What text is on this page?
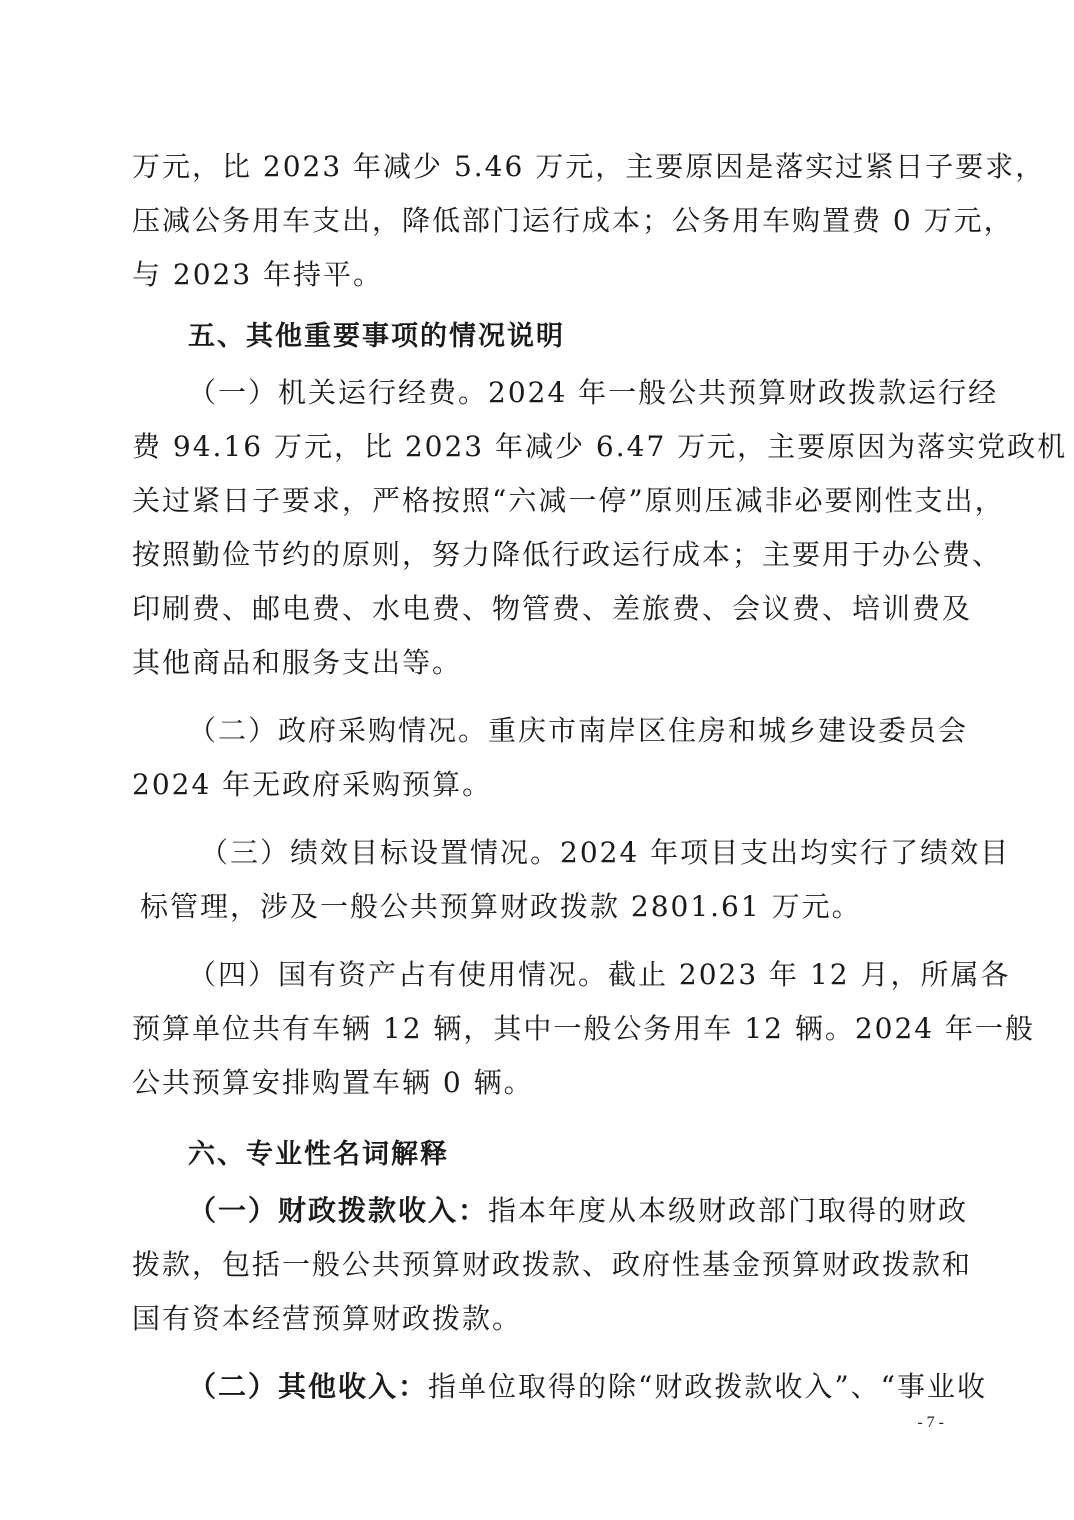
万元，比 2023 年减少 5.46 万元，主要原因是落实过紧日子要求，
压减公务用车支出，降低部门运行成本；公务用车购置费 0 万元，
与 2023 年持平。
五、其他重要事项的情况说明
（一）机关运行经费。2024 年一般公共预算财政拨款运行经
费 94.16 万元，比 2023 年减少 6.47 万元，主要原因为落实党政机
关过紧日子要求，严格按照“六减一停”原则压减非必要刚性支出，
按照勤俭节约的原则，努力降低行政运行成本；主要用于办公费、
印刷费、邮电费、水电费、物管费、差旅费、会议费、培训费及
其他商品和服务支出等。
（二）政府采购情况。重庆市南岸区住房和城乡建设委员会
2024 年无政府采购预算。
（三）绩效目标设置情况。2024 年项目支出均实行了绩效目
标管理，涉及一般公共预算财政拨款 2801.61 万元。
（四）国有资产占有使用情况。截止 2023 年 12 月，所属各
预算单位共有车辆 12 辆，其中一般公务用车 12 辆。2024 年一般
公共预算安排购置车辆 0 辆。
六、专业性名词解释
（一）财政拨款收入：指本年度从本级财政部门取得的财政
拨款，包括一般公共预算财政拨款、政府性基金预算财政拨款和
国有资本经营预算财政拨款。
（二）其他收入：指单位取得的除“财政拨款收入”、“事业收
- 7 -
